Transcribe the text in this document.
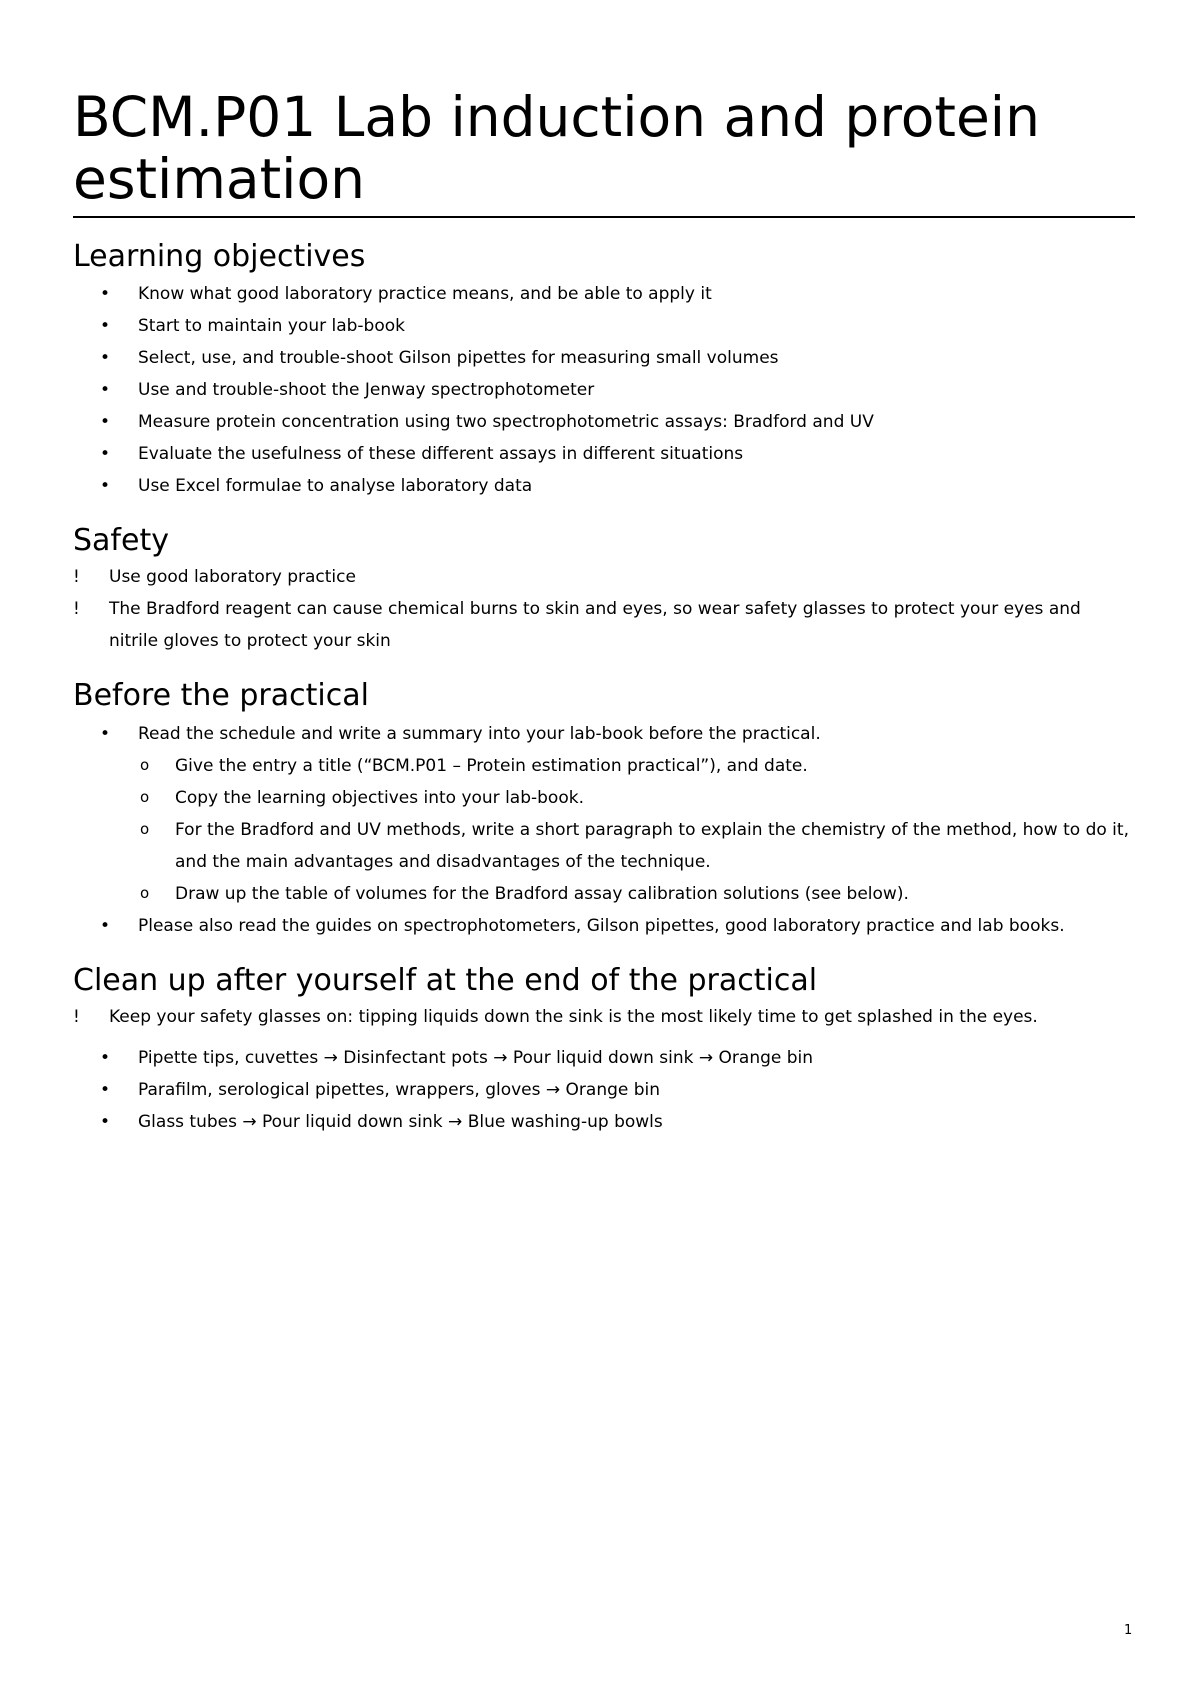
BCM.P01 Lab induction and protein estimation
Learning objectives
• Know what good laboratory practice means, and be able to apply it
• Start to maintain your lab-book
• Select, use, and trouble-shoot Gilson pipettes for measuring small volumes
• Use and trouble-shoot the Jenway spectrophotometer
• Measure protein concentration using two spectrophotometric assays: Bradford and UV
• Evaluate the usefulness of these different assays in different situations
• Use Excel formulae to analyse laboratory data
Safety
! Use good laboratory practice
! The Bradford reagent can cause chemical burns to skin and eyes, so wear safety glasses to protect your eyes and nitrile gloves to protect your skin
Before the practical
• Read the schedule and write a summary into your lab-book before the practical.
o Give the entry a title (“BCM.P01 – Protein estimation practical”), and date.
o Copy the learning objectives into your lab-book.
o For the Bradford and UV methods, write a short paragraph to explain the chemistry of the method, how to do it, and the main advantages and disadvantages of the technique.
o Draw up the table of volumes for the Bradford assay calibration solutions (see below).
• Please also read the guides on spectrophotometers, Gilson pipettes, good laboratory practice and lab books.
Clean up after yourself at the end of the practical
! Keep your safety glasses on: tipping liquids down the sink is the most likely time to get splashed in the eyes.
• Pipette tips, cuvettes → Disinfectant pots → Pour liquid down sink → Orange bin
• Parafilm, serological pipettes, wrappers, gloves → Orange bin
• Glass tubes → Pour liquid down sink → Blue washing-up bowls
1
